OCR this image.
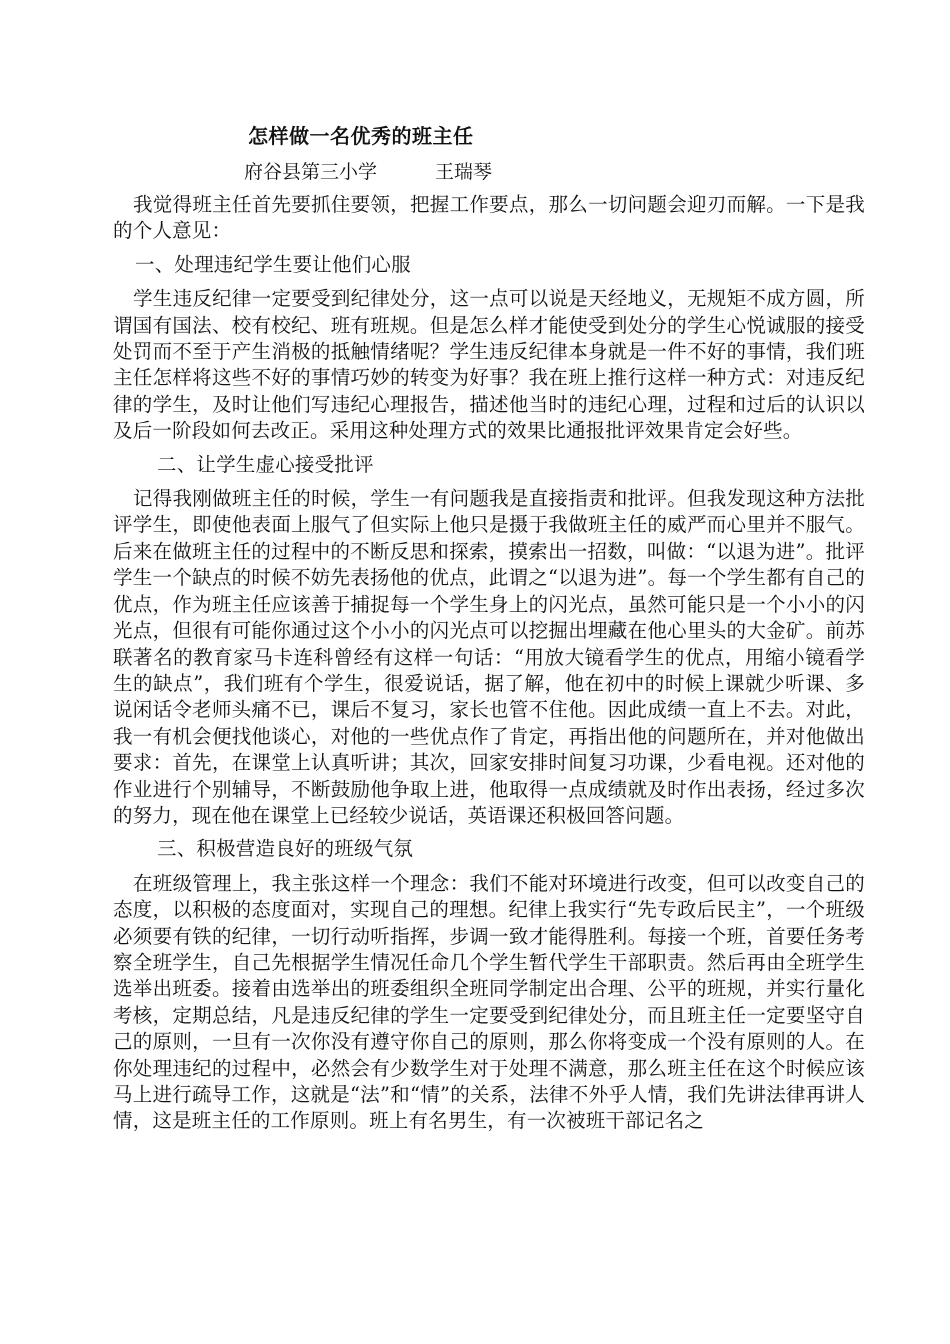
怎样做一名优秀的班主任
府谷县第三小学	王瑞琴

我觉得班主任首先要抓住要领，把握工作要点，那么一切问题会迎刃而解。一下是我的个人意见：

一、处理违纪学生要让他们心服

学生违反纪律一定要受到纪律处分，这一点可以说是天经地义，无规矩不成方圆，所谓国有国法、校有校纪、班有班规。但是怎么样才能使受到处分的学生心悦诚服的接受处罚而不至于产生消极的抵触情绪呢？学生违反纪律本身就是一件不好的事情，我们班主任怎样将这些不好的事情巧妙的转变为好事？我在班上推行这样一种方式：对违反纪律的学生，及时让他们写违纪心理报告，描述他当时的违纪心理，过程和过后的认识以及后一阶段如何去改正。采用这种处理方式的效果比通报批评效果肯定会好些。

二、让学生虚心接受批评

记得我刚做班主任的时候，学生一有问题我是直接指责和批评。但我发现这种方法批评学生，即使他表面上服气了但实际上他只是摄于我做班主任的威严而心里并不服气。后来在做班主任的过程中的不断反思和探索，摸索出一招数，叫做：“以退为进”。批评学生一个缺点的时候不妨先表扬他的优点，此谓之“以退为进”。每一个学生都有自己的优点，作为班主任应该善于捕捉每一个学生身上的闪光点，虽然可能只是一个小小的闪光点，但很有可能你通过这个小小的闪光点可以挖掘出埋藏在他心里头的大金矿。前苏联著名的教育家马卡连科曾经有这样一句话：“用放大镜看学生的优点，用缩小镜看学生的缺点”，我们班有个学生，很爱说话，据了解，他在初中的时候上课就少听课、多说闲话令老师头痛不已，课后不复习，家长也管不住他。因此成绩一直上不去。对此，我一有机会便找他谈心，对他的一些优点作了肯定，再指出他的问题所在，并对他做出要求：首先，在课堂上认真听讲；其次，回家安排时间复习功课，少看电视。还对他的作业进行个别辅导，不断鼓励他争取上进，他取得一点成绩就及时作出表扬，经过多次的努力，现在他在课堂上已经较少说话，英语课还积极回答问题。

三、积极营造良好的班级气氛

在班级管理上，我主张这样一个理念：我们不能对环境进行改变，但可以改变自己的态度，以积极的态度面对，实现自己的理想。纪律上我实行“先专政后民主”，一个班级必须要有铁的纪律，一切行动听指挥，步调一致才能得胜利。每接一个班，首要任务考察全班学生，自己先根据学生情况任命几个学生暂代学生干部职责。然后再由全班学生选举出班委。接着由选举出的班委组织全班同学制定出合理、公平的班规，并实行量化考核，定期总结，凡是违反纪律的学生一定要受到纪律处分，而且班主任一定要坚守自己的原则，一旦有一次你没有遵守你自己的原则，那么你将变成一个没有原则的人。在你处理违纪的过程中，必然会有少数学生对于处理不满意，那么班主任在这个时候应该马上进行疏导工作，这就是“法”和“情”的关系，法律不外乎人情，我们先讲法律再讲人情，这是班主任的工作原则。班上有名男生，有一次被班干部记名之
